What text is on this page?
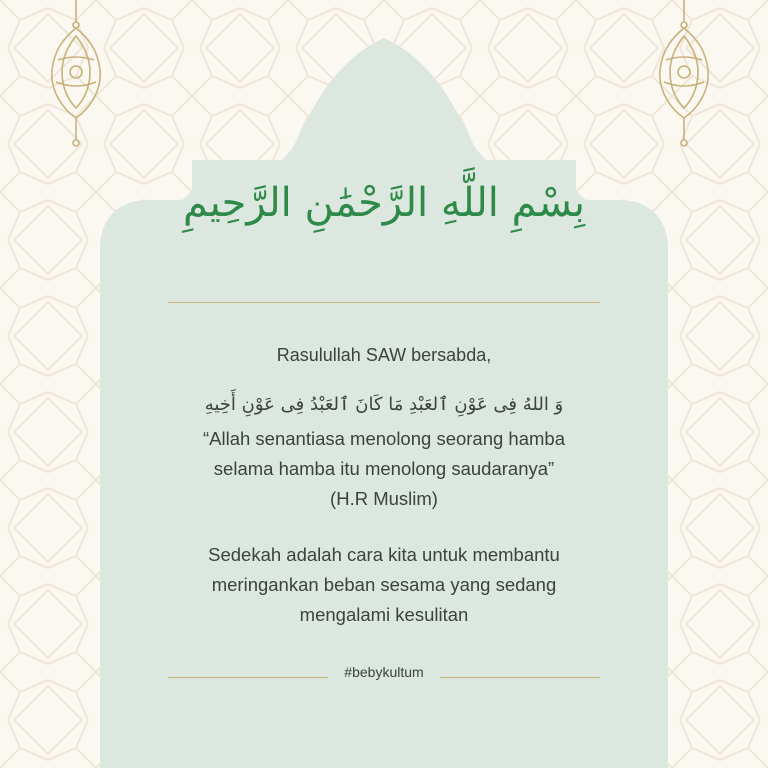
بِسْمِ اللَّهِ الرَّحْمَٰنِ الرَّحِيمِ
Rasulullah SAW bersabda,
وَ اللهُ فِى عَوْنِ ٱلعَبْدِ مَا كَانَ ٱلعَبْدُ فِى عَوْنِ أَخِيهِ
“Allah senantiasa menolong seorang hamba
selama hamba itu menolong saudaranya”
(H.R Muslim)
Sedekah adalah cara kita untuk membantu
meringankan beban sesama yang sedang
mengalami kesulitan
#bebykultum
